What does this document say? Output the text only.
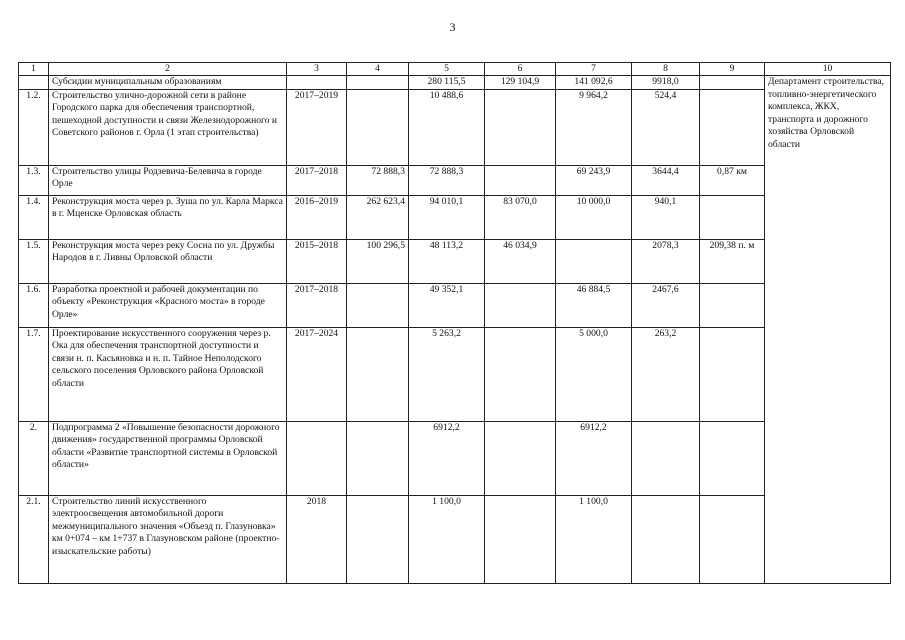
3
1	2	3	4	5	6	7	8	9	10
	Субсидии муниципальным образованиям			280 115,5	129 104,9	141 092,6	9918,0		Департамент строительства, топливно-энергетического комплекса, ЖКХ, транспорта и дорожного хозяйства Орловской области
1.2.	Строительство улично-дорожной сети в районе Городского парка для обеспечения транспортной, пешеходной доступности и связи Железнодорожного и Советского районов г. Орла (1 этап строительства)	2017–2019		10 488,6		9 964,2	524,4		
1.3.	Строительство улицы Родзевича-Белевича в городе Орле	2017–2018	72 888,3	72 888,3		69 243,9	3644,4	0,87 км	
1.4.	Реконструкция моста через р. Зуша по ул. Карла Маркса в г. Мценске Орловская область	2016–2019	262 623,4	94 010,1	83 070,0	10 000,0	940,1		
1.5.	Реконструкция моста через реку Сосна по ул. Дружбы Народов в г. Ливны Орловской области	2015–2018	100 296,5	48 113,2	46 034,9		2078,3	209,38 п. м	
1.6.	Разработка проектной и рабочей документации по объекту «Реконструкция «Красного моста» в городе Орле»	2017–2018		49 352,1		46 884,5	2467,6		
1.7.	Проектирование искусственного сооружения через р. Ока для обеспечения транспортной доступности и связи н. п. Касьяновка и н. п. Тайное Неполодского сельского поселения Орловского района Орловской области	2017–2024		5 263,2		5 000,0	263,2		
2.	Подпрограмма 2 «Повышение безопасности дорожного движения» государственной программы Орловской области «Развитие транспортной системы в Орловской области»			6912,2		6912,2			
2.1.	Строительство линий искусственного электроосвещения автомобильной дороги межмуниципального значения «Объезд п. Глазуновка» км 0+074 – км 1+737 в Глазуновском районе (проектно-изыскательские работы)	2018		1 100,0		1 100,0			
